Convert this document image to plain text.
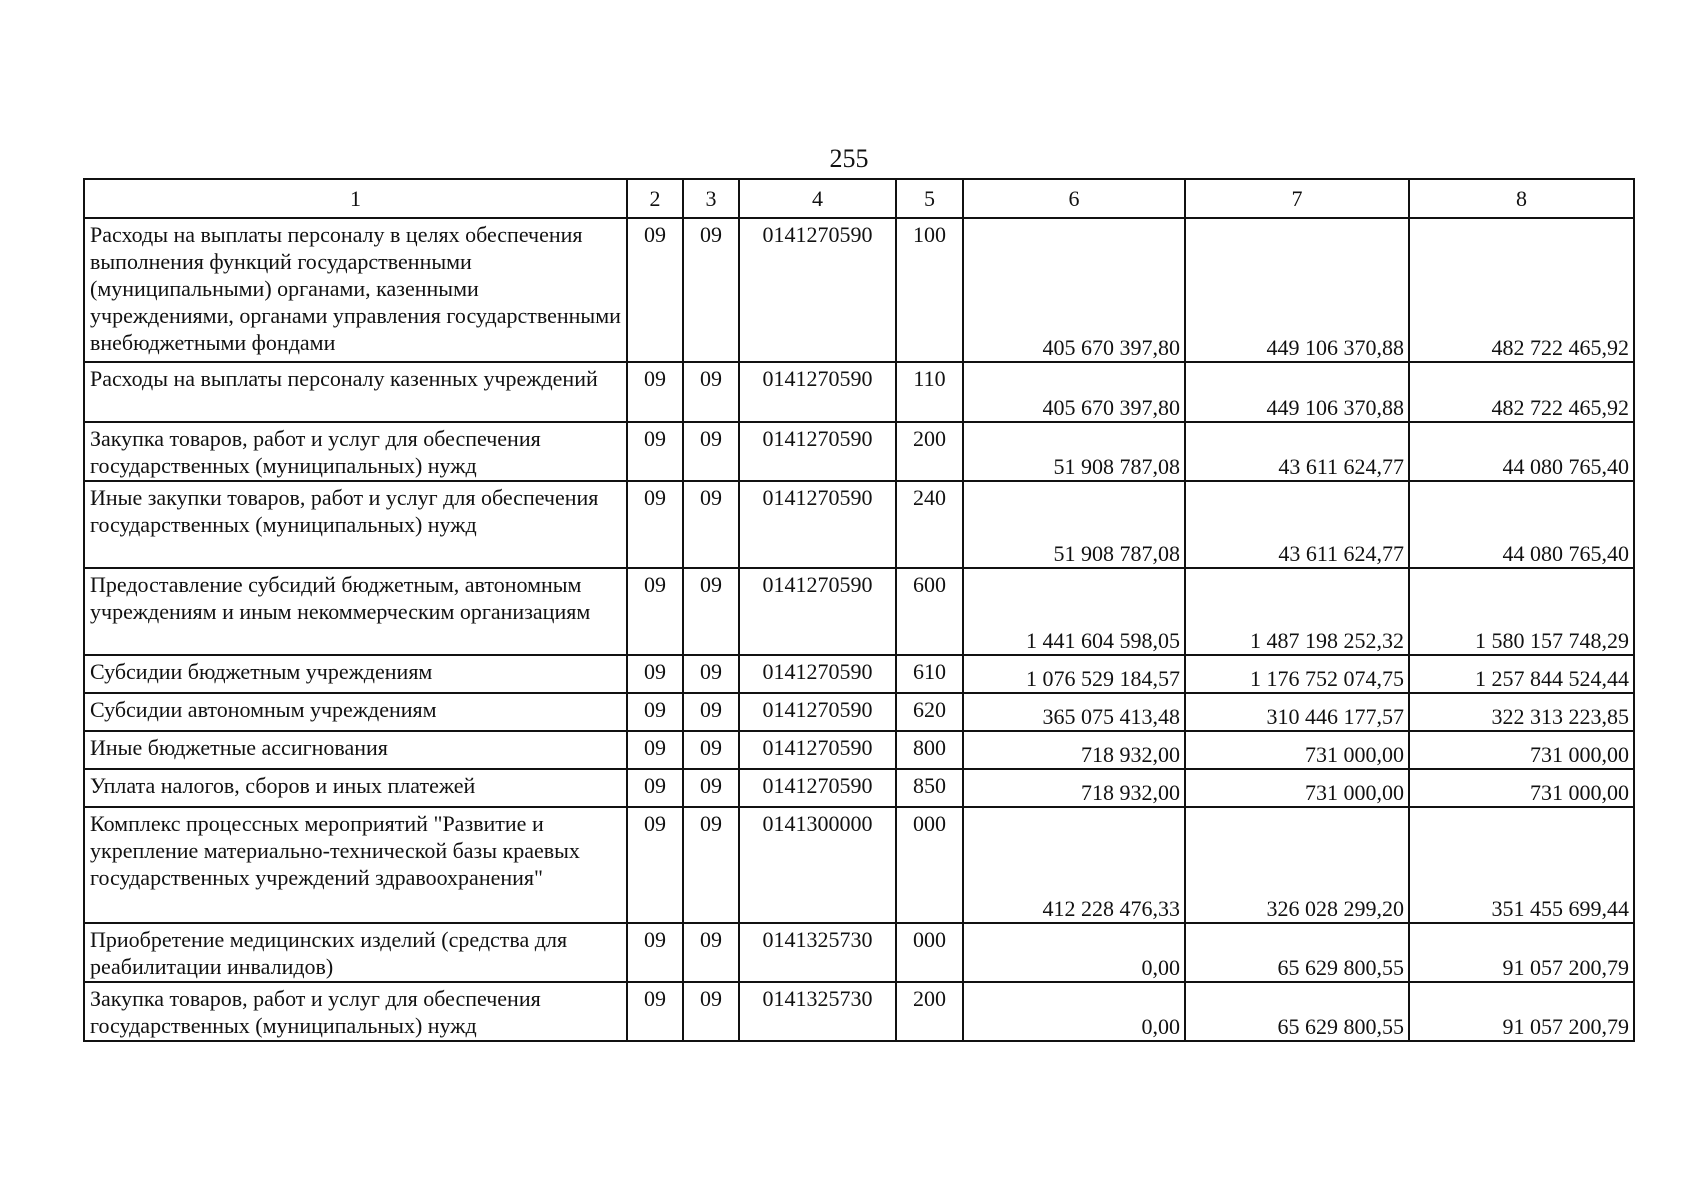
255
1	2	3	4	5	6	7	8
Расходы на выплаты персоналу в целях обеспечения выполнения функций государственными (муниципальными) органами, казенными учреждениями, органами управления государственными внебюджетными фондами	09	09	0141270590	100	405 670 397,80	449 106 370,88	482 722 465,92
Расходы на выплаты персоналу казенных учреждений	09	09	0141270590	110	405 670 397,80	449 106 370,88	482 722 465,92
Закупка товаров, работ и услуг для обеспечения государственных (муниципальных) нужд	09	09	0141270590	200	51 908 787,08	43 611 624,77	44 080 765,40
Иные закупки товаров, работ и услуг для обеспечения государственных (муниципальных) нужд	09	09	0141270590	240	51 908 787,08	43 611 624,77	44 080 765,40
Предоставление субсидий бюджетным, автономным учреждениям и иным некоммерческим организациям	09	09	0141270590	600	1 441 604 598,05	1 487 198 252,32	1 580 157 748,29
Субсидии бюджетным учреждениям	09	09	0141270590	610	1 076 529 184,57	1 176 752 074,75	1 257 844 524,44
Субсидии автономным учреждениям	09	09	0141270590	620	365 075 413,48	310 446 177,57	322 313 223,85
Иные бюджетные ассигнования	09	09	0141270590	800	718 932,00	731 000,00	731 000,00
Уплата налогов, сборов и иных платежей	09	09	0141270590	850	718 932,00	731 000,00	731 000,00
Комплекс процессных мероприятий "Развитие и укрепление материально-технической базы краевых государственных учреждений здравоохранения"	09	09	0141300000	000	412 228 476,33	326 028 299,20	351 455 699,44
Приобретение медицинских изделий (средства для реабилитации инвалидов)	09	09	0141325730	000	0,00	65 629 800,55	91 057 200,79
Закупка товаров, работ и услуг для обеспечения государственных (муниципальных) нужд	09	09	0141325730	200	0,00	65 629 800,55	91 057 200,79
